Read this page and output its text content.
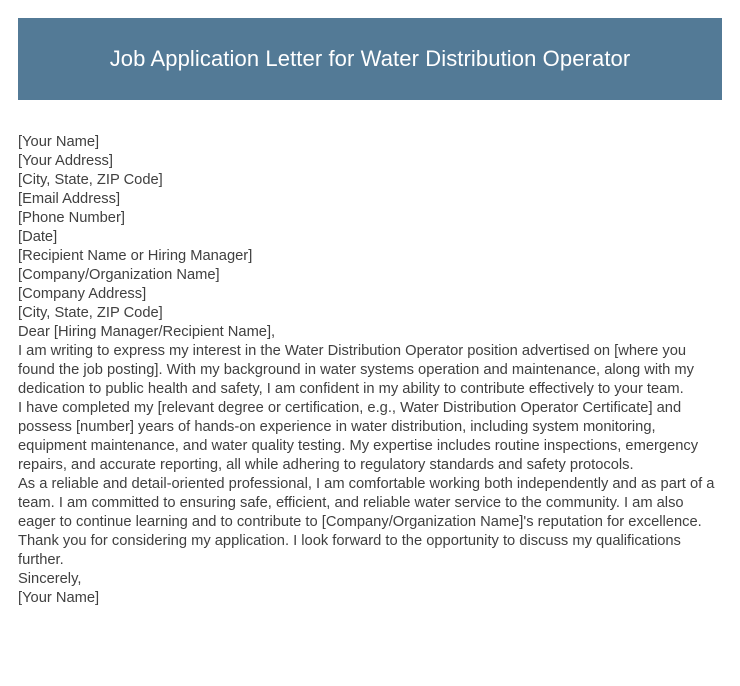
Job Application Letter for Water Distribution Operator
[Your Name]
[Your Address]
[City, State, ZIP Code]
[Email Address]
[Phone Number]
[Date]
[Recipient Name or Hiring Manager]
[Company/Organization Name]
[Company Address]
[City, State, ZIP Code]
Dear [Hiring Manager/Recipient Name],
I am writing to express my interest in the Water Distribution Operator position advertised on [where you found the job posting]. With my background in water systems operation and maintenance, along with my dedication to public health and safety, I am confident in my ability to contribute effectively to your team.
I have completed my [relevant degree or certification, e.g., Water Distribution Operator Certificate] and possess [number] years of hands-on experience in water distribution, including system monitoring, equipment maintenance, and water quality testing. My expertise includes routine inspections, emergency repairs, and accurate reporting, all while adhering to regulatory standards and safety protocols.
As a reliable and detail-oriented professional, I am comfortable working both independently and as part of a team. I am committed to ensuring safe, efficient, and reliable water service to the community. I am also eager to continue learning and to contribute to [Company/Organization Name]'s reputation for excellence.
Thank you for considering my application. I look forward to the opportunity to discuss my qualifications further.
Sincerely,
[Your Name]
